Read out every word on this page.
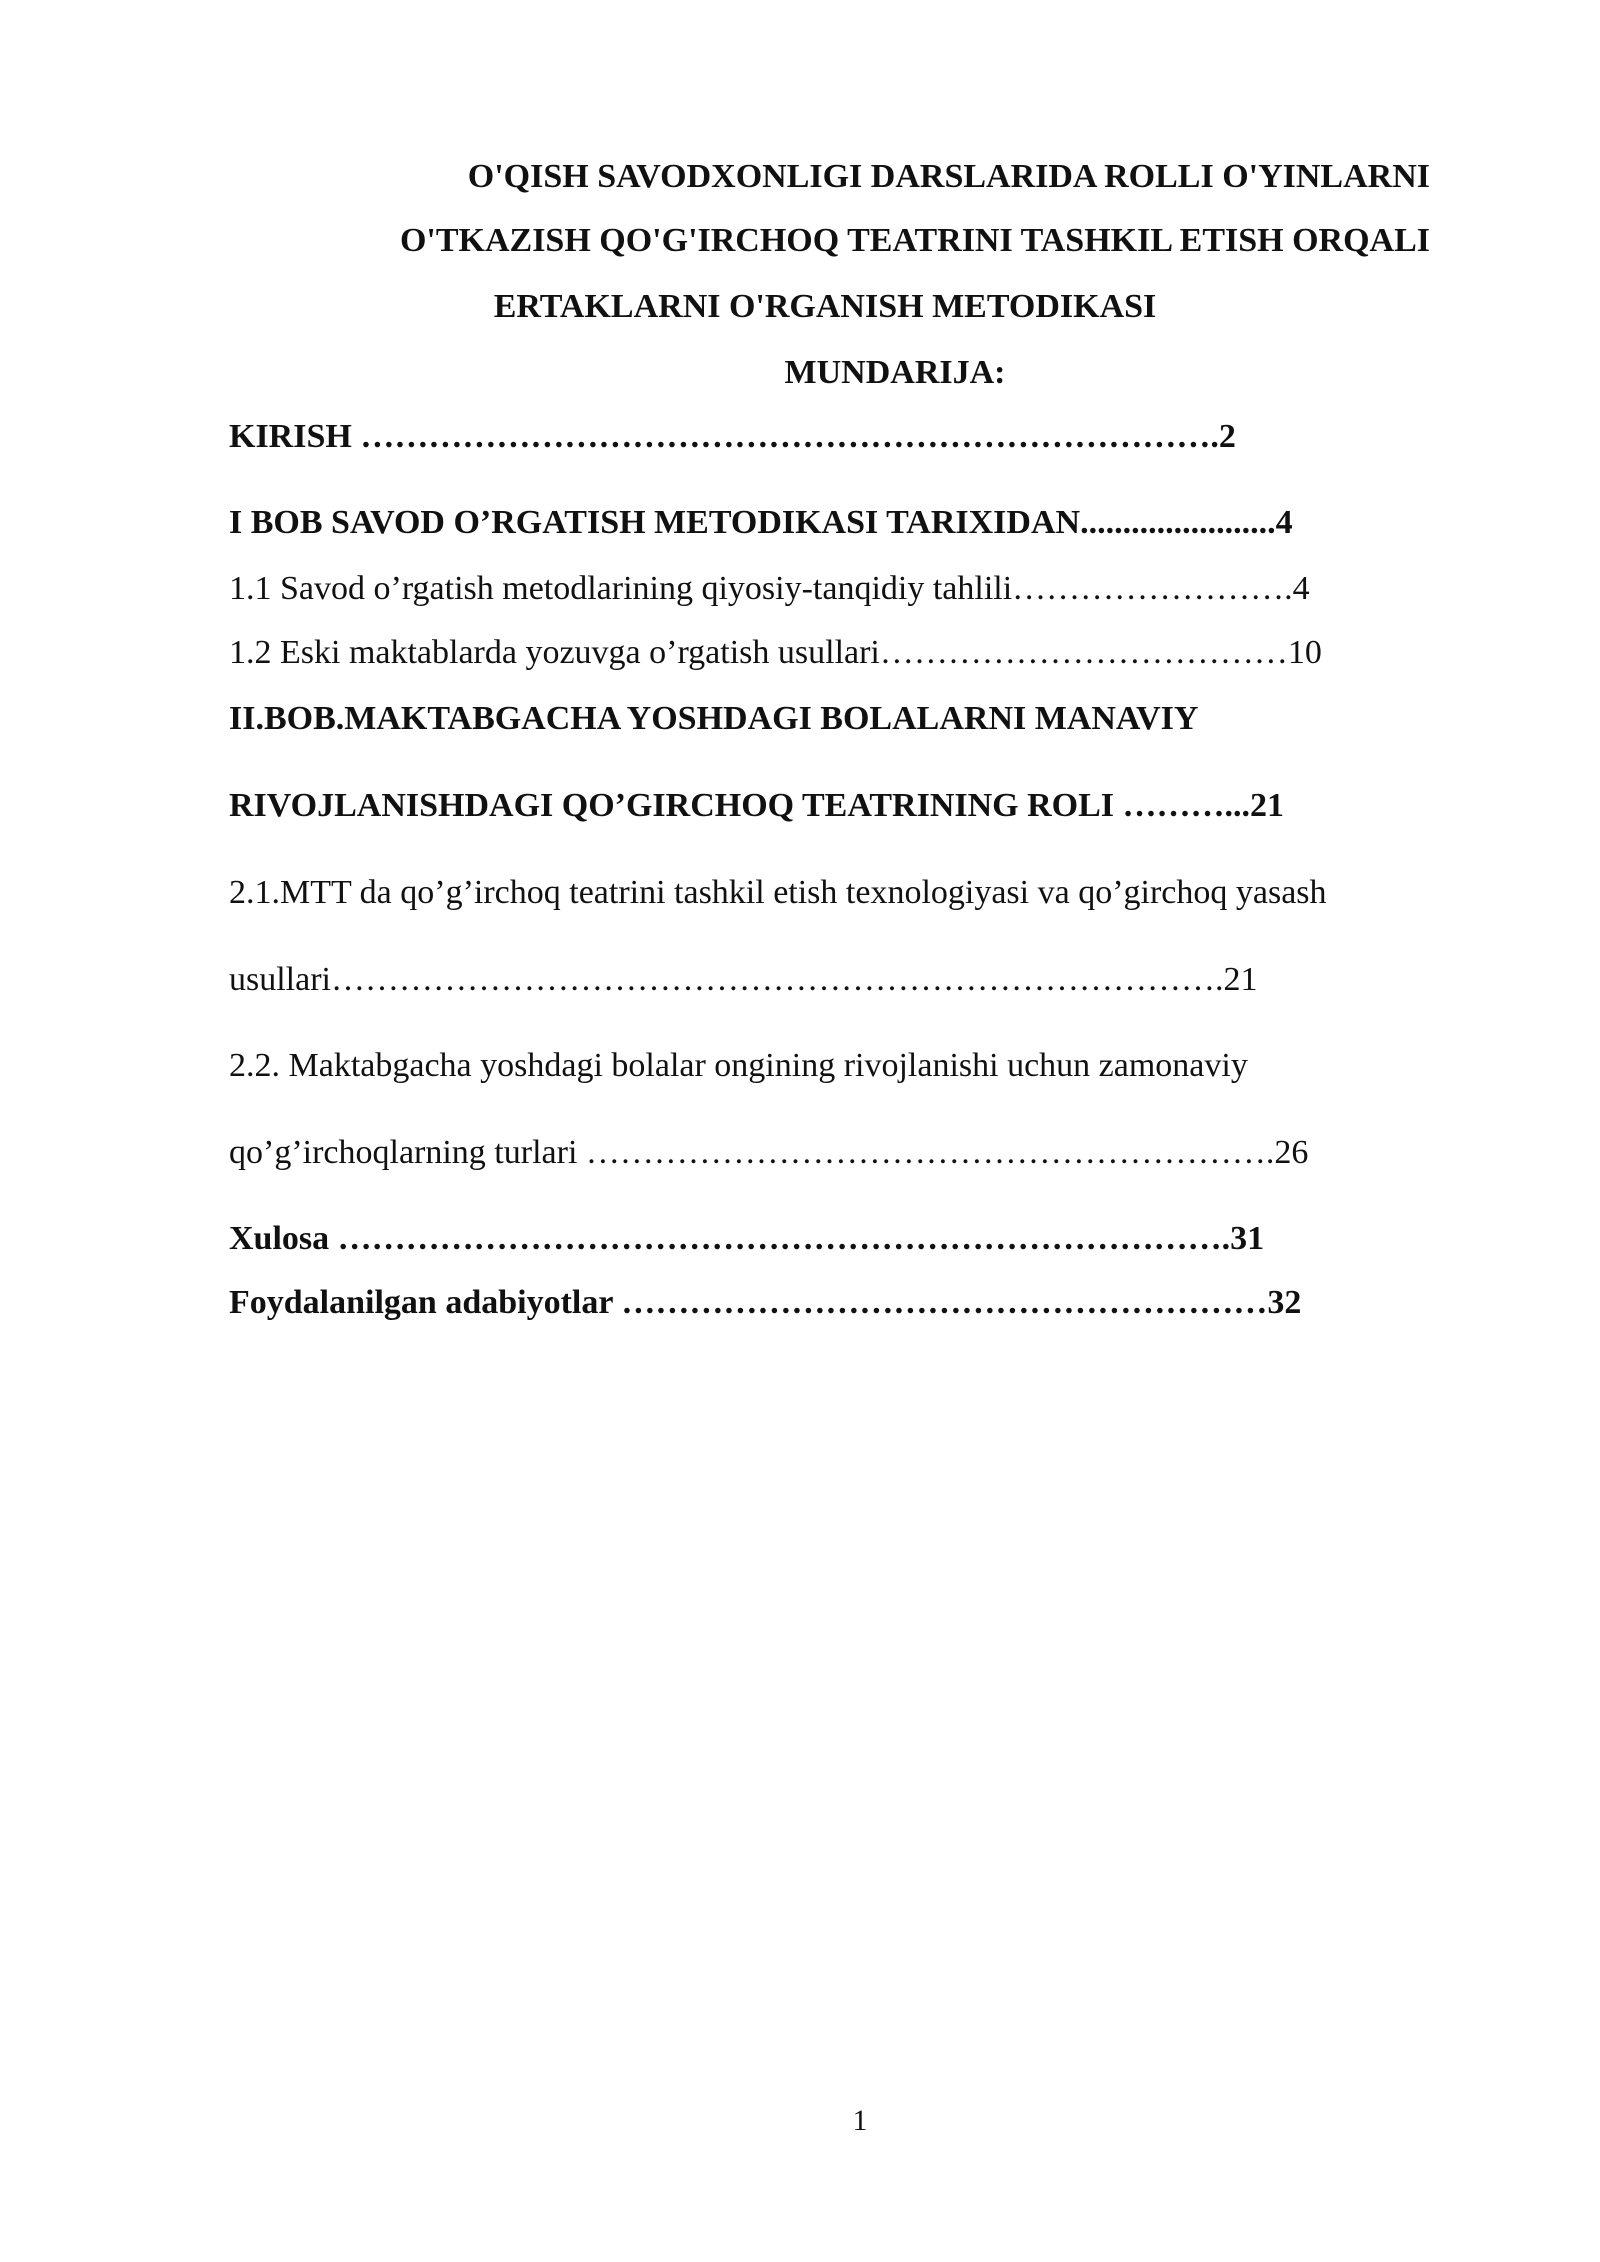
O'QISH SAVODXONLIGI DARSLARIDA ROLLI O'YINLARNI
O'TKAZISH QO'G'IRCHOQ TEATRINI TASHKIL ETISH ORQALI
ERTAKLARNI O'RGANISH METODIKASI
MUNDARIJA:
KIRISH ………………………………………………………………….2
I BOB SAVOD O’RGATISH METODIKASI TARIXIDAN.......................4
1.1 Savod o’rgatish metodlarining qiyosiy-tanqidiy tahlili…………………….4
1.2 Eski maktablarda yozuvga o’rgatish usullari………………………………10
II.BOB.MAKTABGACHA YOSHDAGI BOLALARNI MANAVIY
RIVOJLANISHDAGI QO’GIRCHOQ TEATRINING ROLI ………...21
2.1.MTT da qo’g’irchoq teatrini tashkil etish texnologiyasi va qo’girchoq yasash
usullari…………………………………………………………………….21
2.2. Maktabgacha yoshdagi bolalar ongining rivojlanishi uchun zamonaviy
qo’g’irchoqlarning turlari …………………………………………………….26
Xulosa …………………………………………………………………….31
Foydalanilgan adabiyotlar …………………………………………………32
1
